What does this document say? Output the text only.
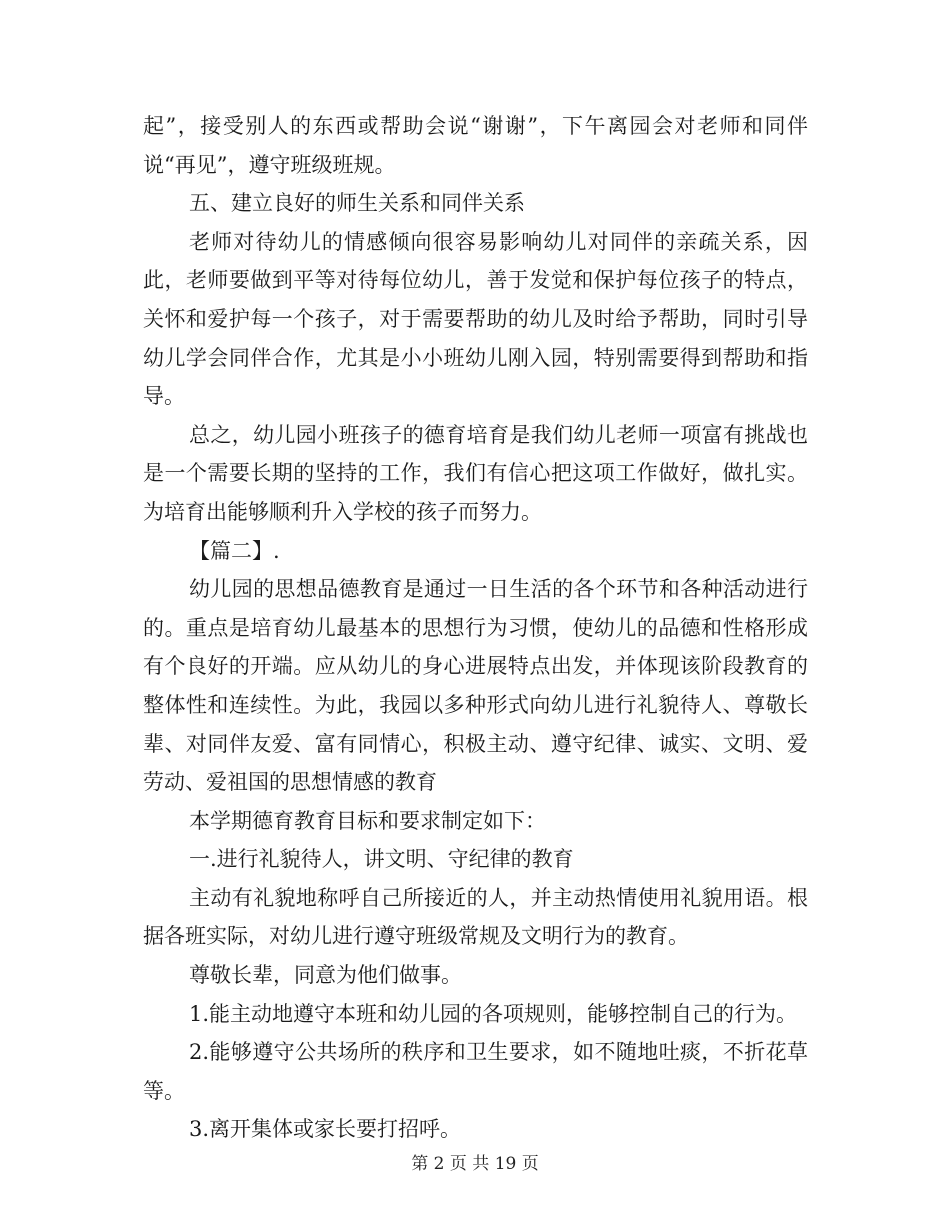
起”，接受别人的东西或帮助会说“谢谢”，下午离园会对老师和同伴说“再见”，遵守班级班规。

五、建立良好的师生关系和同伴关系

老师对待幼儿的情感倾向很容易影响幼儿对同伴的亲疏关系，因此，老师要做到平等对待每位幼儿，善于发觉和保护每位孩子的特点，关怀和爱护每一个孩子，对于需要帮助的幼儿及时给予帮助，同时引导幼儿学会同伴合作，尤其是小小班幼儿刚入园，特别需要得到帮助和指导。

总之，幼儿园小班孩子的德育培育是我们幼儿老师一项富有挑战也是一个需要长期的坚持的工作，我们有信心把这项工作做好，做扎实。为培育出能够顺利升入学校的孩子而努力。

【篇二】.

幼儿园的思想品德教育是通过一日生活的各个环节和各种活动进行的。重点是培育幼儿最基本的思想行为习惯，使幼儿的品德和性格形成有个良好的开端。应从幼儿的身心进展特点出发，并体现该阶段教育的整体性和连续性。为此，我园以多种形式向幼儿进行礼貌待人、尊敬长辈、对同伴友爱、富有同情心，积极主动、遵守纪律、诚实、文明、爱劳动、爱祖国的思想情感的教育

本学期德育教育目标和要求制定如下：

一.进行礼貌待人，讲文明、守纪律的教育

主动有礼貌地称呼自己所接近的人，并主动热情使用礼貌用语。根据各班实际，对幼儿进行遵守班级常规及文明行为的教育。

尊敬长辈，同意为他们做事。

1.能主动地遵守本班和幼儿园的各项规则，能够控制自己的行为。

2.能够遵守公共场所的秩序和卫生要求，如不随地吐痰，不折花草等。

3.离开集体或家长要打招呼。

第 2 页 共 19 页
